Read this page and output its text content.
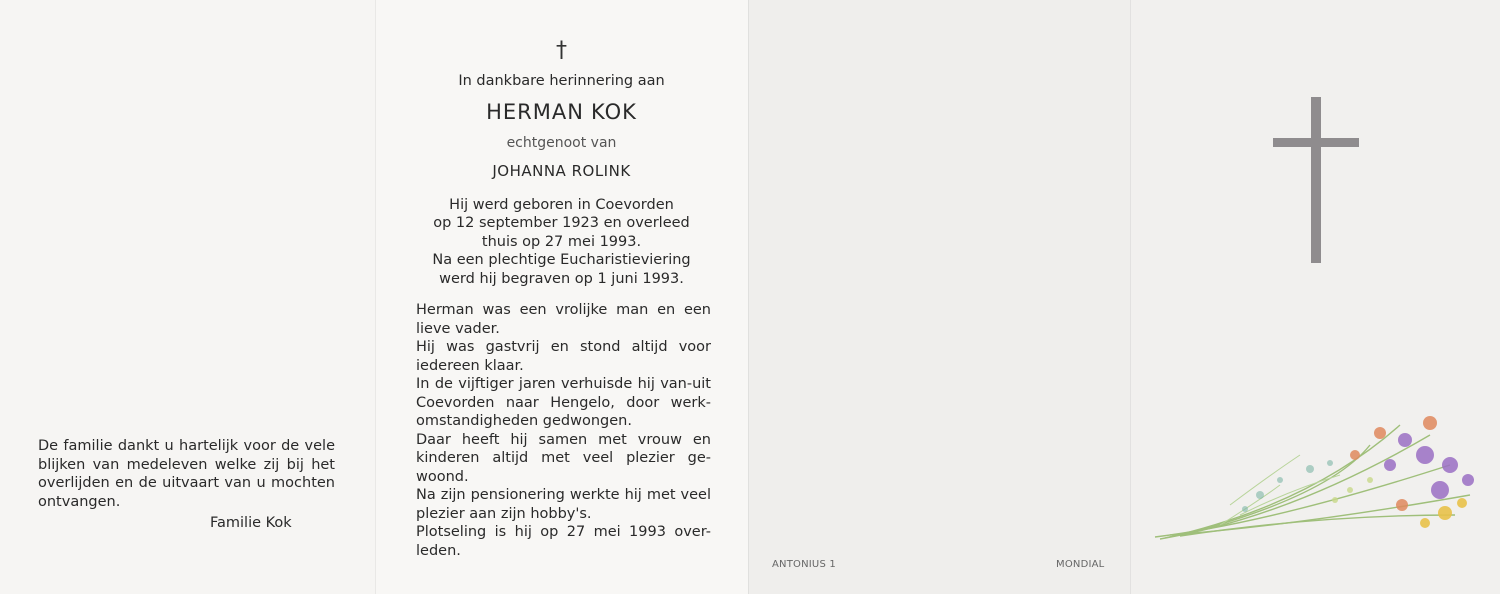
De familie dankt u hartelijk voor de vele blijken van medeleven welke zij bij het overlijden en de uitvaart van u mochten ontvangen.
Familie Kok
†
In dankbare herinnering aan
HERMAN KOK
echtgenoot van
JOHANNA ROLINK
Hij werd geboren in Coevorden
op 12 september 1923 en overleed
thuis op 27 mei 1993.
Na een plechtige Eucharistieviering
werd hij begraven op 1 juni 1993.

Herman was een vrolijke man en een lieve vader.

Hij was gastvrij en stond altijd voor iedereen klaar.

In de vijftiger jaren verhuisde hij van-uit Coevorden naar Hengelo, door werk-omstandigheden gedwongen.

Daar heeft hij samen met vrouw en kinderen altijd met veel plezier ge-woond.

Na zijn pensionering werkte hij met veel plezier aan zijn hobby's.

Plotseling is hij op 27 mei 1993 over-leden.

ANTONIUS 1	MONDIAL
